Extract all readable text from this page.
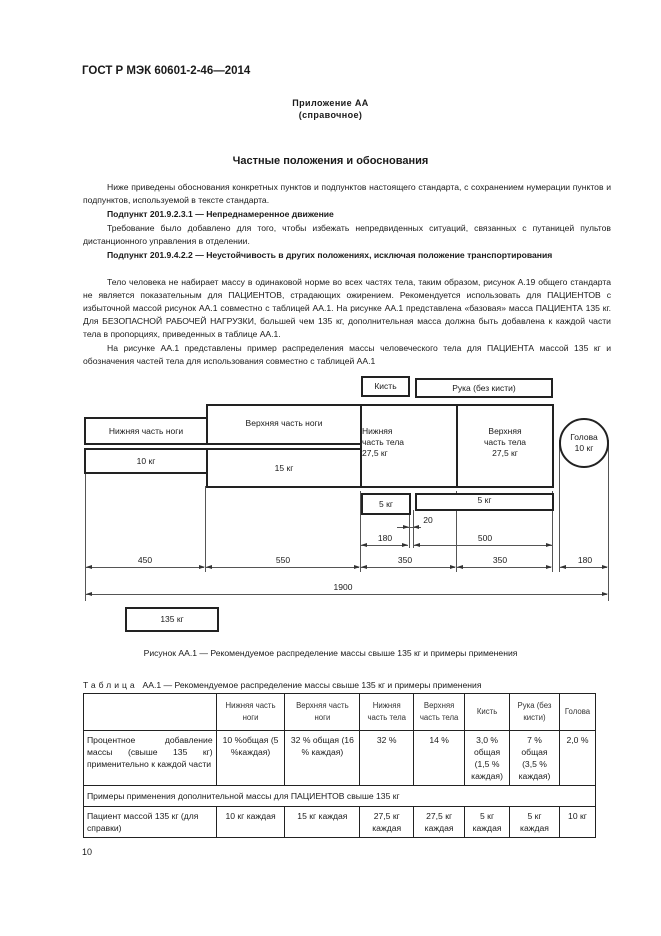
ГОСТ Р МЭК 60601-2-46—2014
Приложение АА
(справочное)
Частные положения и обоснования
Ниже приведены обоснования конкретных пунктов и подпунктов настоящего стандарта, с сохранением нумерации пунктов и подпунктов, используемой в тексте стандарта.
Подпункт 201.9.2.3.1 — Непреднамеренное движение
Требование было добавлено для того, чтобы избежать непредвиденных ситуаций, связанных с путаницей пультов дистанционного управления в отделении.
Подпункт 201.9.4.2.2 — Неустойчивость в других положениях, исключая положение транспортирования
Тело человека не набирает массу в одинаковой норме во всех частях тела, таким образом, рисунок А.19 общего стандарта не является показательным для ПАЦИЕНТОВ, страдающих ожирением. Рекомендуется использовать для ПАЦИЕНТОВ с избыточной массой рисунок АА.1 совместно с таблицей АА.1. На рисунке АА.1 представлена «базовая» масса ПАЦИЕНТА 135 кг. Для БЕЗОПАСНОЙ РАБОЧЕЙ НАГРУЗКИ, большей чем 135 кг, дополнительная масса должна быть добавлена к каждой части тела в пропорциях, приведенных в таблице АА.1.
На рисунке АА.1 представлены пример распределения массы человеческого тела для ПАЦИЕНТА массой 135 кг и обозначения частей тела для использования совместно с таблицей АА.1
Кисть	Рука (без кисти)
Нижняя часть ноги
Верхняя часть ноги
10 кг
15 кг
Нижняя
часть тела
27,5 кг
Верхняя
часть тела
27,5 кг
Голова
10 кг
5 кг	5 кг
20
180	500
450	550	350	350	180
1900
135 кг
Рисунок АА.1 — Рекомендуемое распределение массы свыше 135 кг и примеры применения
Таблица АА.1 — Рекомендуемое распределение массы свыше 135 кг и примеры применения
	Нижняя часть ноги	Верхняя часть ноги	Нижняя часть тела	Верхняя часть тела	Кисть	Рука (без кисти)	Голова
Процентное добавление массы (свыше 135 кг) применительно к каждой части	10 %общая (5 %каждая)	32 % общая (16 % каждая)	32 %	14 %	3,0 % общая (1,5 % каждая)	7 % общая (3,5 % каждая)	2,0 %
Примеры применения дополнительной массы для ПАЦИЕНТОВ свыше 135 кг							
Пациент массой 135 кг (для справки)	10 кг каждая	15 кг каждая	27,5 кг каждая	27,5 кг каждая	5 кг каждая	5 кг каждая	10 кг
10
